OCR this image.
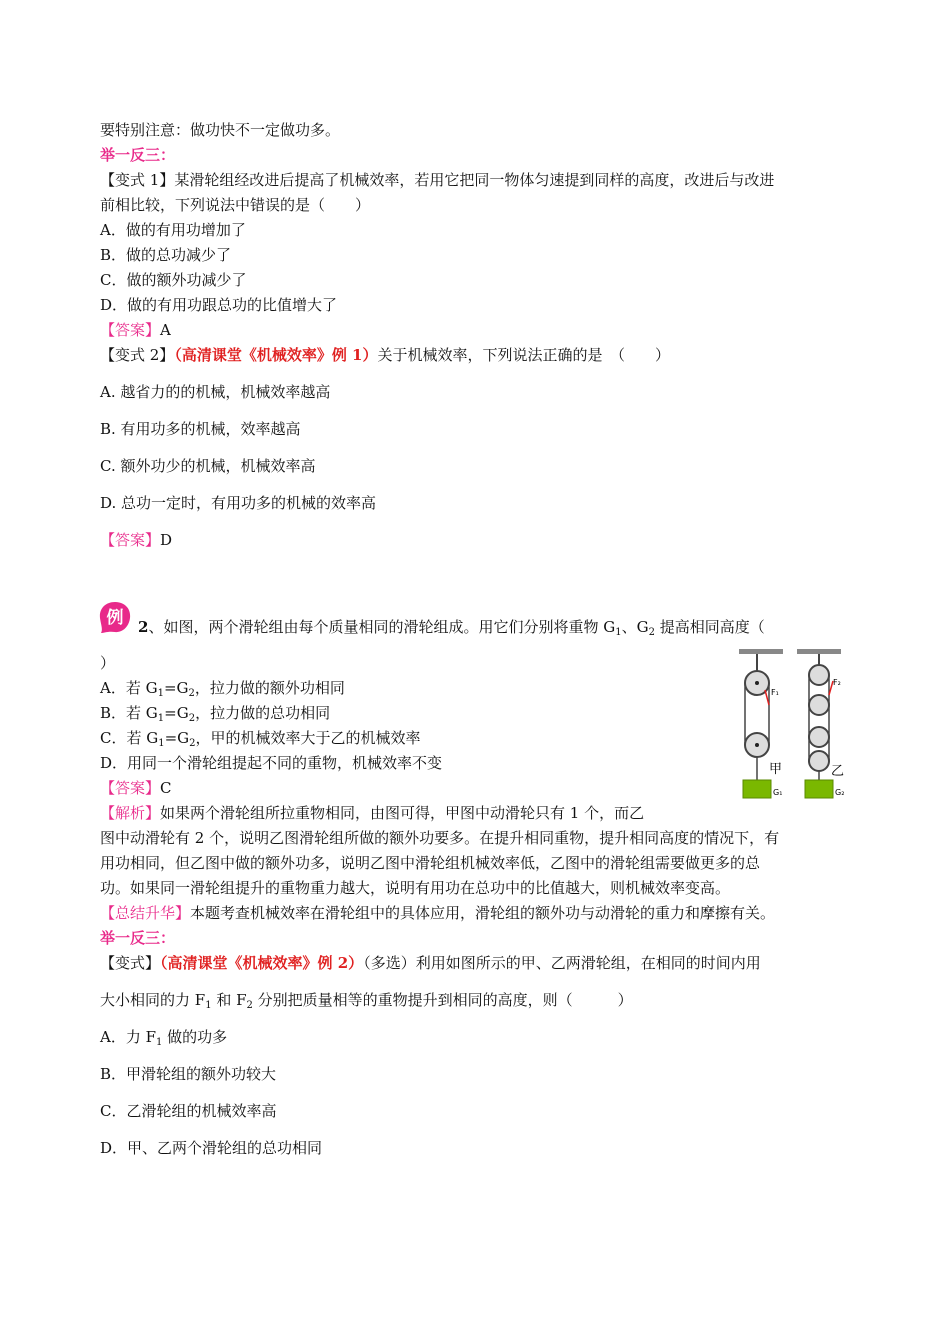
要特别注意：做功快不一定做功多。
举一反三：
【变式 1】某滑轮组经改进后提高了机械效率，若用它把同一物体匀速提到同样的高度，改进后与改进
前相比较，下列说法中错误的是（　　）
A．做的有用功增加了
B．做的总功减少了
C．做的额外功减少了
D．做的有用功跟总功的比值增大了
【答案】A
【变式 2】（高清课堂《机械效率》例 1）关于机械效率，下列说法正确的是　（　　）
A. 越省力的的机械，机械效率越高
B. 有用功多的机械，效率越高
C. 额外功少的机械，机械效率高
D. 总功一定时，有用功多的机械的效率高
【答案】D
例 2、如图，两个滑轮组由每个质量相同的滑轮组成。用它们分别将重物 $G_1$、$G_2$ 提高相同高度（
）
A．若 $G_1=G_2$，拉力做的额外功相同
B．若 $G_1=G_2$，拉力做的总功相同
C．若 $G_1=G_2$，甲的机械效率大于乙的机械效率
D．用同一个滑轮组提起不同的重物，机械效率不变
【答案】C
【解析】如果两个滑轮组所拉重物相同，由图可得，甲图中动滑轮只有 1 个，而乙
图中动滑轮有 2 个，说明乙图滑轮组所做的额外功要多。在提升相同重物，提升相同高度的情况下，有
用功相同，但乙图中做的额外功多，说明乙图中滑轮组机械效率低，乙图中的滑轮组需要做更多的总
功。如果同一滑轮组提升的重物重力越大，说明有用功在总功中的比值越大，则机械效率变高。
【总结升华】本题考查机械效率在滑轮组中的具体应用，滑轮组的额外功与动滑轮的重力和摩擦有关。
F₁
G₁
甲
F₂
G₂
乙
举一反三：
【变式】（高清课堂《机械效率》例 2）（多选）利用如图所示的甲、乙两滑轮组，在相同的时间内用
大小相同的力 $F_1$ 和 $F_2$ 分别把质量相等的重物提升到相同的高度，则（　　　）
A．力 $F_1$ 做的功多
B．甲滑轮组的额外功较大
C．乙滑轮组的机械效率高
D．甲、乙两个滑轮组的总功相同
